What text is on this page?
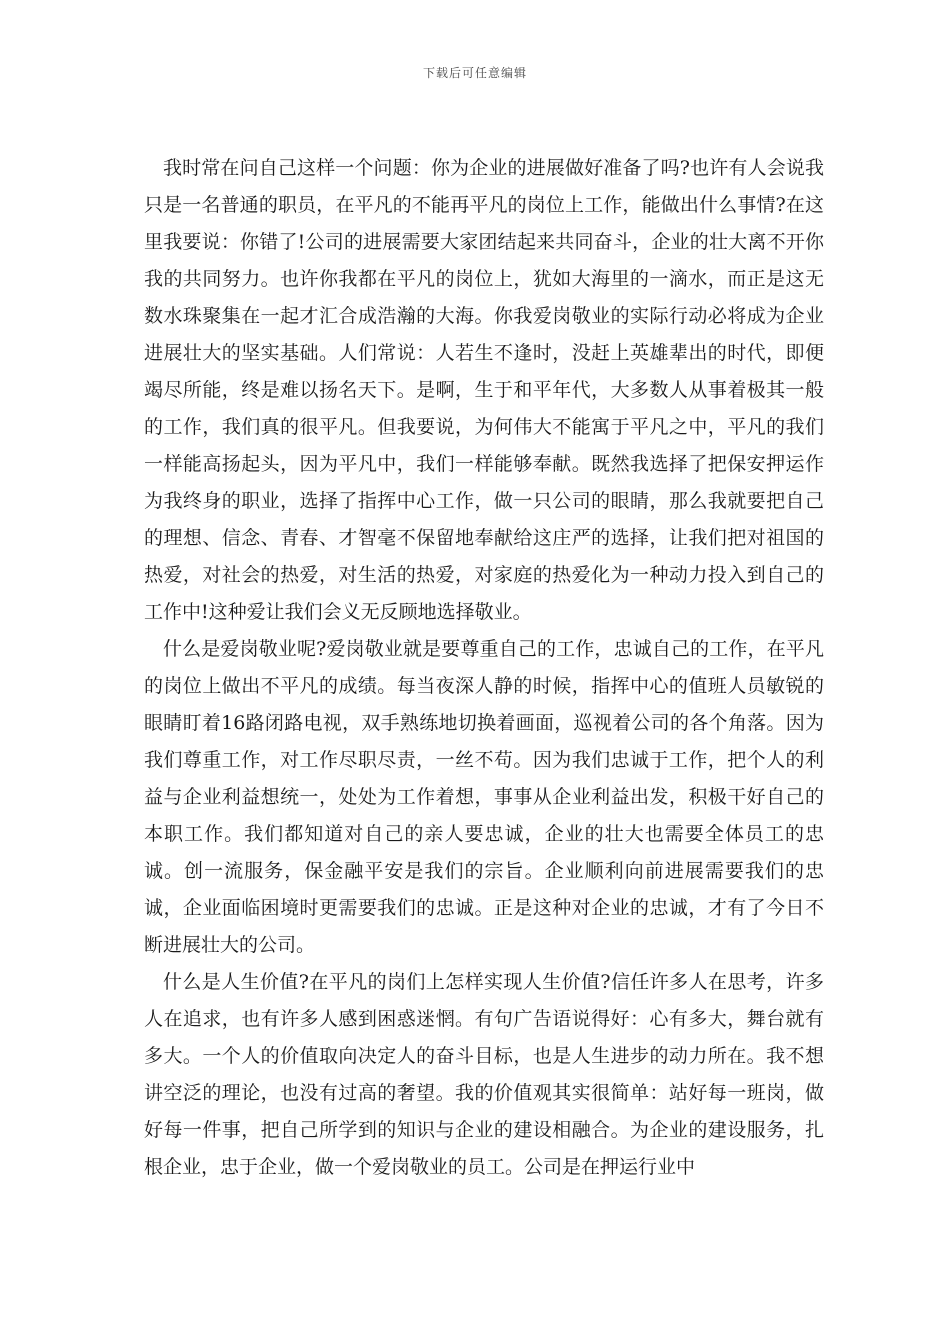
下载后可任意编辑

我时常在问自己这样一个问题：你为企业的进展做好准备了吗?也许有人会说我只是一名普通的职员，在平凡的不能再平凡的岗位上工作，能做出什么事情?在这里我要说：你错了!公司的进展需要大家团结起来共同奋斗，企业的壮大离不开你我的共同努力。也许你我都在平凡的岗位上，犹如大海里的一滴水，而正是这无数水珠聚集在一起才汇合成浩瀚的大海。你我爱岗敬业的实际行动必将成为企业进展壮大的坚实基础。人们常说：人若生不逢时，没赶上英雄辈出的时代，即便竭尽所能，终是难以扬名天下。是啊，生于和平年代，大多数人从事着极其一般的工作，我们真的很平凡。但我要说，为何伟大不能寓于平凡之中，平凡的我们一样能高扬起头，因为平凡中，我们一样能够奉献。既然我选择了把保安押运作为我终身的职业，选择了指挥中心工作，做一只公司的眼睛，那么我就要把自己的理想、信念、青春、才智毫不保留地奉献给这庄严的选择，让我们把对祖国的热爱，对社会的热爱，对生活的热爱，对家庭的热爱化为一种动力投入到自己的工作中!这种爱让我们会义无反顾地选择敬业。

什么是爱岗敬业呢?爱岗敬业就是要尊重自己的工作，忠诚自己的工作，在平凡的岗位上做出不平凡的成绩。每当夜深人静的时候，指挥中心的值班人员敏锐的眼睛盯着16路闭路电视，双手熟练地切换着画面，巡视着公司的各个角落。因为我们尊重工作，对工作尽职尽责，一丝不苟。因为我们忠诚于工作，把个人的利益与企业利益想统一，处处为工作着想，事事从企业利益出发，积极干好自己的本职工作。我们都知道对自己的亲人要忠诚，企业的壮大也需要全体员工的忠诚。创一流服务，保金融平安是我们的宗旨。企业顺利向前进展需要我们的忠诚，企业面临困境时更需要我们的忠诚。正是这种对企业的忠诚，才有了今日不断进展壮大的公司。

什么是人生价值?在平凡的岗们上怎样实现人生价值?信任许多人在思考，许多人在追求，也有许多人感到困惑迷惘。有句广告语说得好：心有多大，舞台就有多大。一个人的价值取向决定人的奋斗目标，也是人生进步的动力所在。我不想讲空泛的理论，也没有过高的奢望。我的价值观其实很简单：站好每一班岗，做好每一件事，把自己所学到的知识与企业的建设相融合。为企业的建设服务，扎根企业，忠于企业，做一个爱岗敬业的员工。公司是在押运行业中
